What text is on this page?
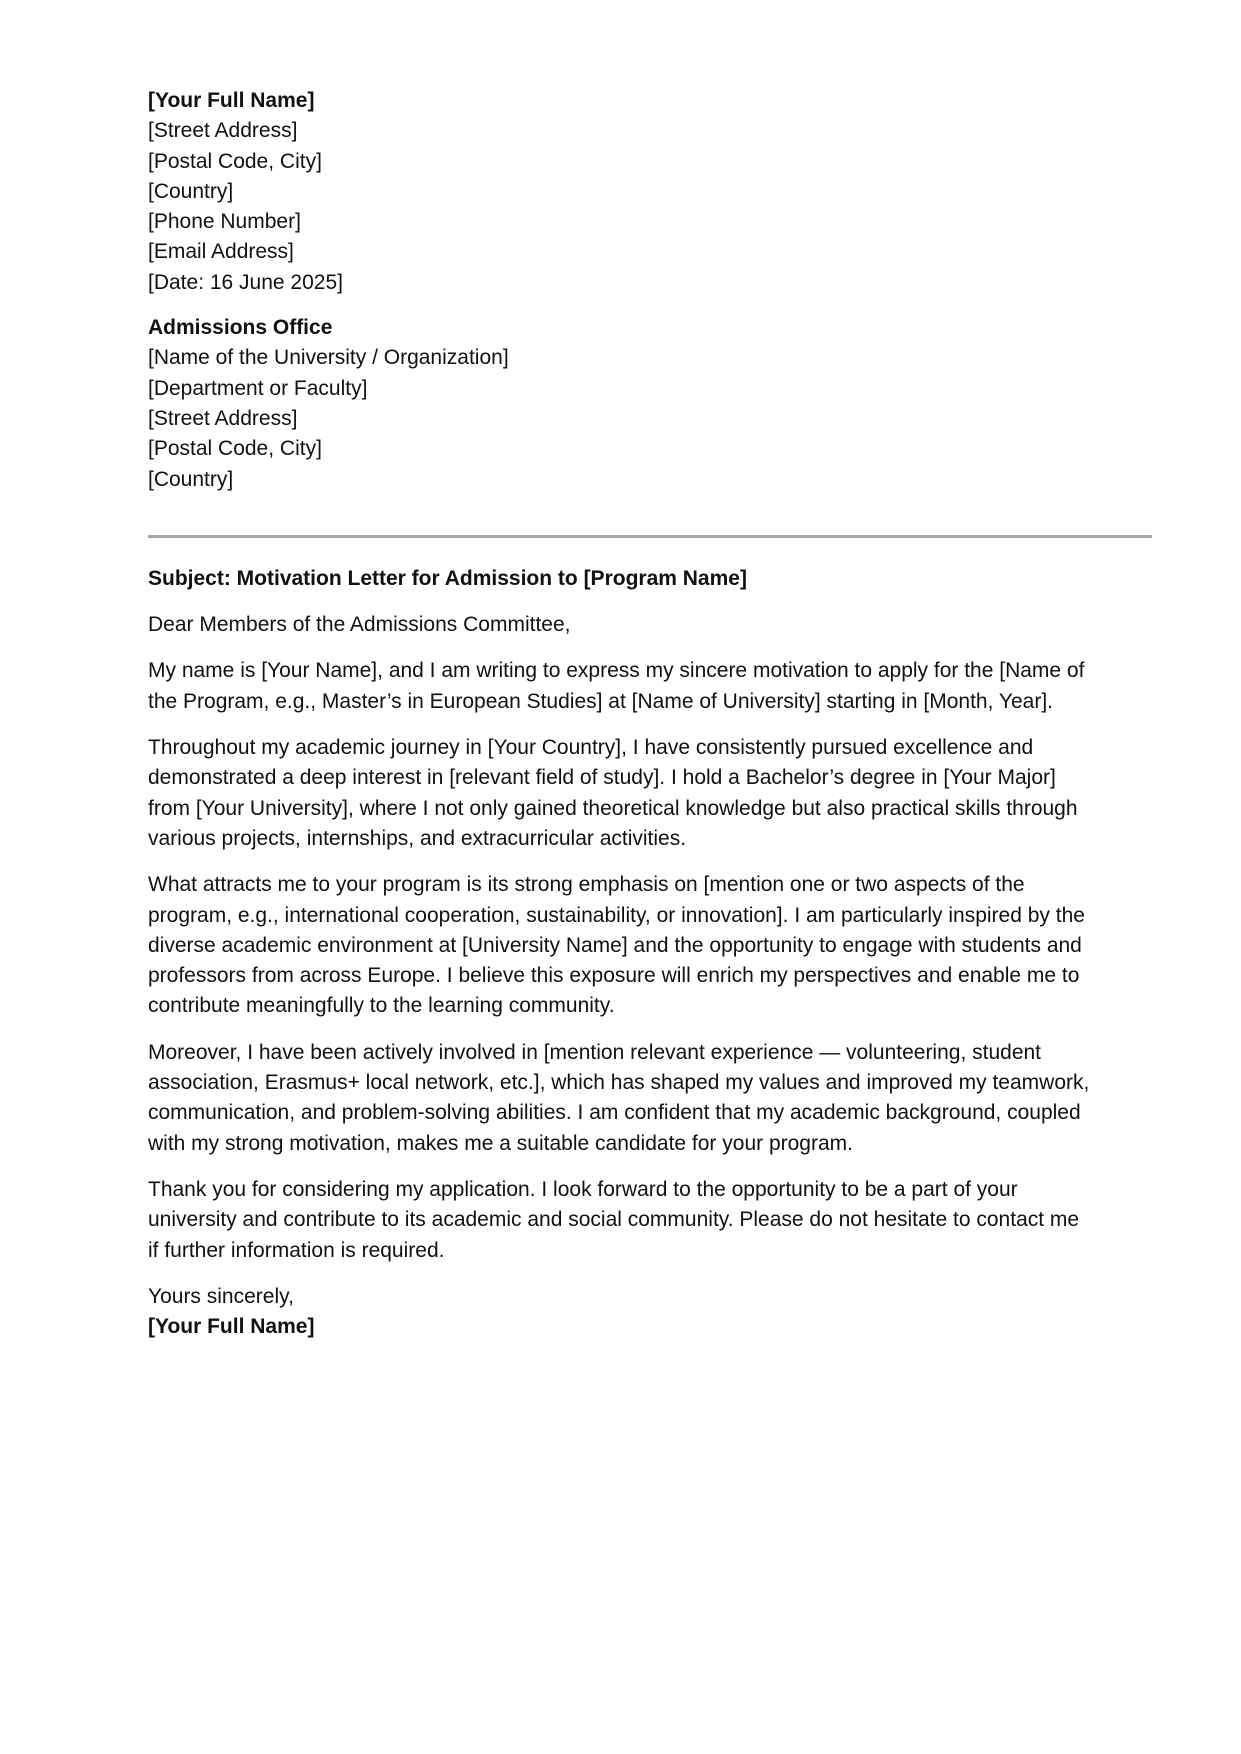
[Your Full Name]
[Street Address]
[Postal Code, City]
[Country]
[Phone Number]
[Email Address]
[Date: 16 June 2025]
Admissions Office
[Name of the University / Organization]
[Department or Faculty]
[Street Address]
[Postal Code, City]
[Country]
Subject: Motivation Letter for Admission to [Program Name]
Dear Members of the Admissions Committee,

My name is [Your Name], and I am writing to express my sincere motivation to apply for the [Name of
the Program, e.g., Master’s in European Studies] at [Name of University] starting in [Month, Year].

Throughout my academic journey in [Your Country], I have consistently pursued excellence and
demonstrated a deep interest in [relevant field of study]. I hold a Bachelor’s degree in [Your Major]
from [Your University], where I not only gained theoretical knowledge but also practical skills through
various projects, internships, and extracurricular activities.

What attracts me to your program is its strong emphasis on [mention one or two aspects of the
program, e.g., international cooperation, sustainability, or innovation]. I am particularly inspired by the
diverse academic environment at [University Name] and the opportunity to engage with students and
professors from across Europe. I believe this exposure will enrich my perspectives and enable me to
contribute meaningfully to the learning community.

Moreover, I have been actively involved in [mention relevant experience — volunteering, student
association, Erasmus+ local network, etc.], which has shaped my values and improved my teamwork,
communication, and problem-solving abilities. I am confident that my academic background, coupled
with my strong motivation, makes me a suitable candidate for your program.

Thank you for considering my application. I look forward to the opportunity to be a part of your
university and contribute to its academic and social community. Please do not hesitate to contact me
if further information is required.

Yours sincerely,
[Your Full Name]
